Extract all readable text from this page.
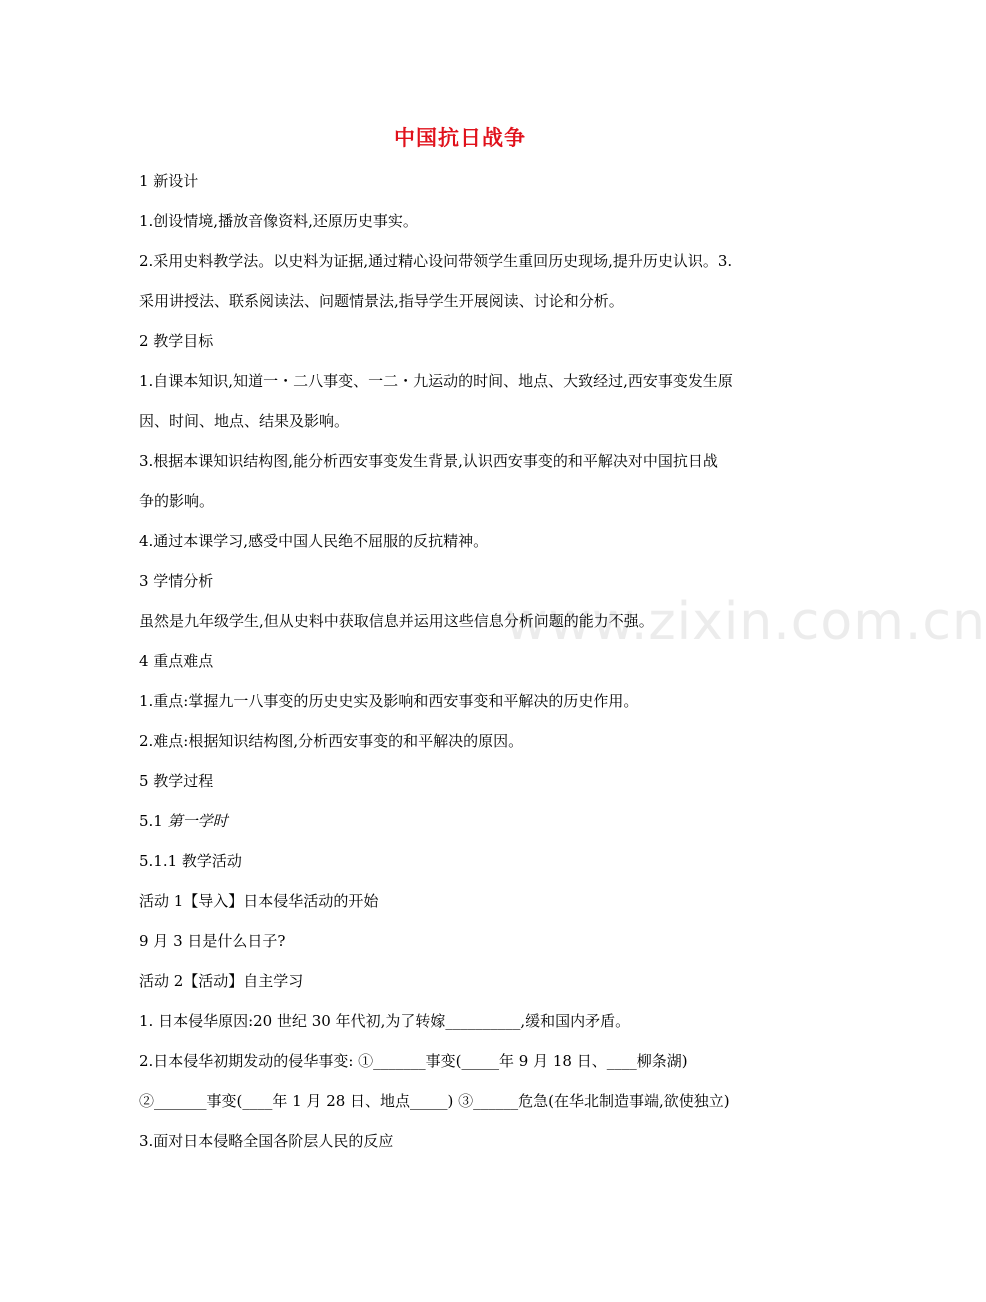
www.zixin.com.cn
中国抗日战争
1 新设计
1.创设情境,播放音像资料,还原历史事实。
2.采用史料教学法。以史料为证据,通过精心设问带领学生重回历史现场,提升历史认识。3.
采用讲授法、联系阅读法、问题情景法,指导学生开展阅读、讨论和分析。
2 教学目标
1.自课本知识,知道一・二八事变、一二・九运动的时间、地点、大致经过,西安事变发生原
因、时间、地点、结果及影响。
3.根据本课知识结构图,能分析西安事变发生背景,认识西安事变的和平解决对中国抗日战
争的影响。
4.通过本课学习,感受中国人民绝不屈服的反抗精神。
3 学情分析
虽然是九年级学生,但从史料中获取信息并运用这些信息分析问题的能力不强。
4 重点难点
1.重点:掌握九一八事变的历史史实及影响和西安事变和平解决的历史作用。
2.难点:根据知识结构图,分析西安事变的和平解决的原因。
5 教学过程
5.1 第一学时
5.1.1 教学活动
活动 1【导入】日本侵华活动的开始
9 月 3 日是什么日子?
活动 2【活动】自主学习
1. 日本侵华原因:20 世纪 30 年代初,为了转嫁__________,缓和国内矛盾。
2.日本侵华初期发动的侵华事变: ①_______事变(_____年 9 月 18 日、____柳条湖)
②_______事变(____年 1 月 28 日、地点_____) ③______危急(在华北制造事端,欲使独立)
3.面对日本侵略全国各阶层人民的反应
